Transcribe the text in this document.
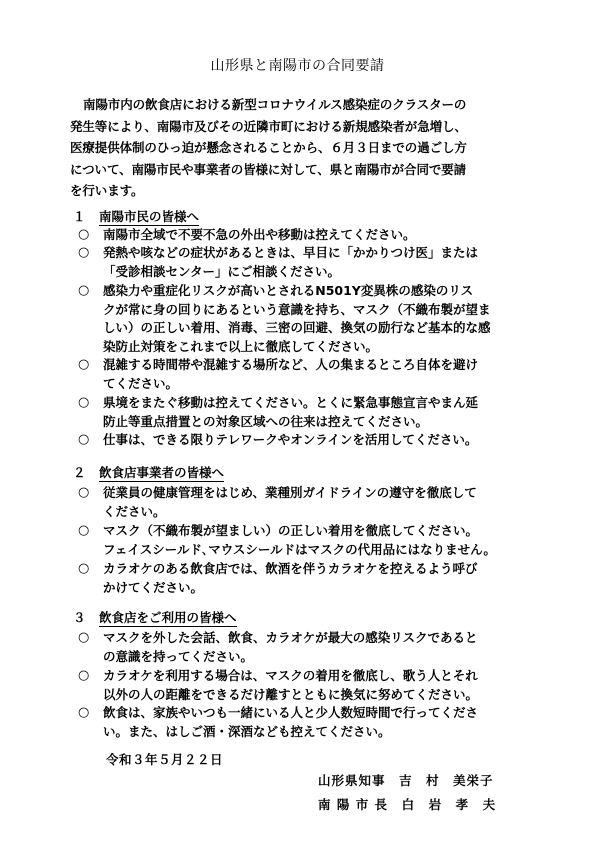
山形県と南陽市の合同要請
南陽市内の飲食店における新型コロナウイルス感染症のクラスターの
発生等により、南陽市及びその近隣市町における新規感染者が急増し、
医療提供体制のひっ迫が懸念されることから、６月３日までの過ごし方
について、南陽市民や事業者の皆様に対して、県と南陽市が合同で要請
を行います。
１ 南陽市民の皆様へ
○ 南陽市全域で不要不急の外出や移動は控えてください。
○ 発熱や咳などの症状があるときは、早目に「かかりつけ医」または
「受診相談センター」にご相談ください。
○ 感染力や重症化リスクが高いとされるN501Y変異株の感染のリス
クが常に身の回りにあるという意識を持ち、マスク（不織布製が望ま
しい）の正しい着用、消毒、三密の回避、換気の励行など基本的な感
染防止対策をこれまで以上に徹底してください。
○ 混雑する時間帯や混雑する場所など、人の集まるところ自体を避け
てください。
○ 県境をまたぐ移動は控えてください。とくに緊急事態宣言やまん延
防止等重点措置との対象区域への往来は控えてください。
○ 仕事は、できる限りテレワークやオンラインを活用してください。
２ 飲食店事業者の皆様へ
○ 従業員の健康管理をはじめ、業種別ガイドラインの遵守を徹底して
ください。
○ マスク（不織布製が望ましい）の正しい着用を徹底してください。
フェイスシールド､マウスシールドはマスクの代用品にはなりません。
○ カラオケのある飲食店では、飲酒を伴うカラオケを控えるよう呼び
かけてください。
３ 飲食店をご利用の皆様へ
○ マスクを外した会話、飲食、カラオケが最大の感染リスクであると
の意識を持ってください。
○ カラオケを利用する場合は、マスクの着用を徹底し、歌う人とそれ
以外の人の距離をできるだけ離すとともに換気に努めてください。
○ 飲食は、家族やいつも一緒にいる人と少人数短時間で行ってくださ
い。また、はしご酒・深酒なども控えてください。
令和３年５月２２日
山形県知事　 吉　村　美栄子
南 陽 市 長　 白　岩　孝　夫
